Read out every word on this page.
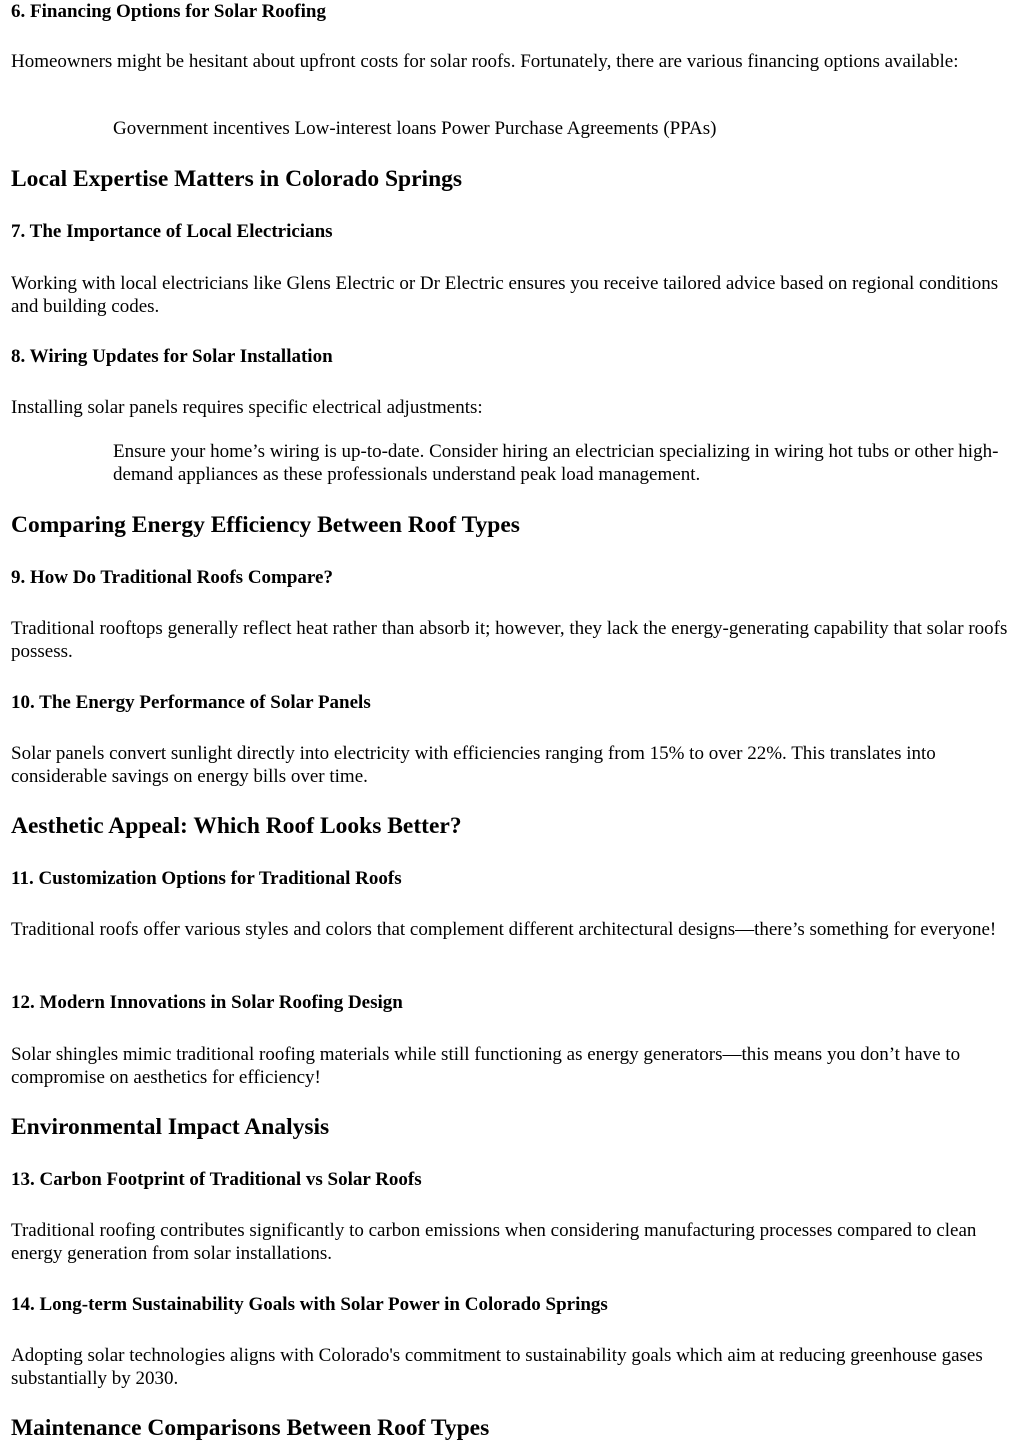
6. Financing Options for Solar Roofing

Homeowners might be hesitant about upfront costs for solar roofs. Fortunately, there are various financing options available:

Government incentives Low-interest loans Power Purchase Agreements (PPAs)
Local Expertise Matters in Colorado Springs
7. The Importance of Local Electricians

Working with local electricians like Glens Electric or Dr Electric ensures you receive tailored advice based on regional conditions and building codes.

8. Wiring Updates for Solar Installation

Installing solar panels requires specific electrical adjustments:

Ensure your home’s wiring is up-to-date. Consider hiring an electrician specializing in wiring hot tubs or other high-demand appliances as these professionals understand peak load management.
Comparing Energy Efficiency Between Roof Types
9. How Do Traditional Roofs Compare?

Traditional rooftops generally reflect heat rather than absorb it; however, they lack the energy-generating capability that solar roofs possess.

10. The Energy Performance of Solar Panels

Solar panels convert sunlight directly into electricity with efficiencies ranging from 15% to over 22%. This translates into considerable savings on energy bills over time.

Aesthetic Appeal: Which Roof Looks Better?
11. Customization Options for Traditional Roofs

Traditional roofs offer various styles and colors that complement different architectural designs—there’s something for everyone!

12. Modern Innovations in Solar Roofing Design

Solar shingles mimic traditional roofing materials while still functioning as energy generators—this means you don’t have to compromise on aesthetics for efficiency!

Environmental Impact Analysis
13. Carbon Footprint of Traditional vs Solar Roofs

Traditional roofing contributes significantly to carbon emissions when considering manufacturing processes compared to clean energy generation from solar installations.

14. Long-term Sustainability Goals with Solar Power in Colorado Springs

Adopting solar technologies aligns with Colorado's commitment to sustainability goals which aim at reducing greenhouse gases substantially by 2030.

Maintenance Comparisons Between Roof Types
